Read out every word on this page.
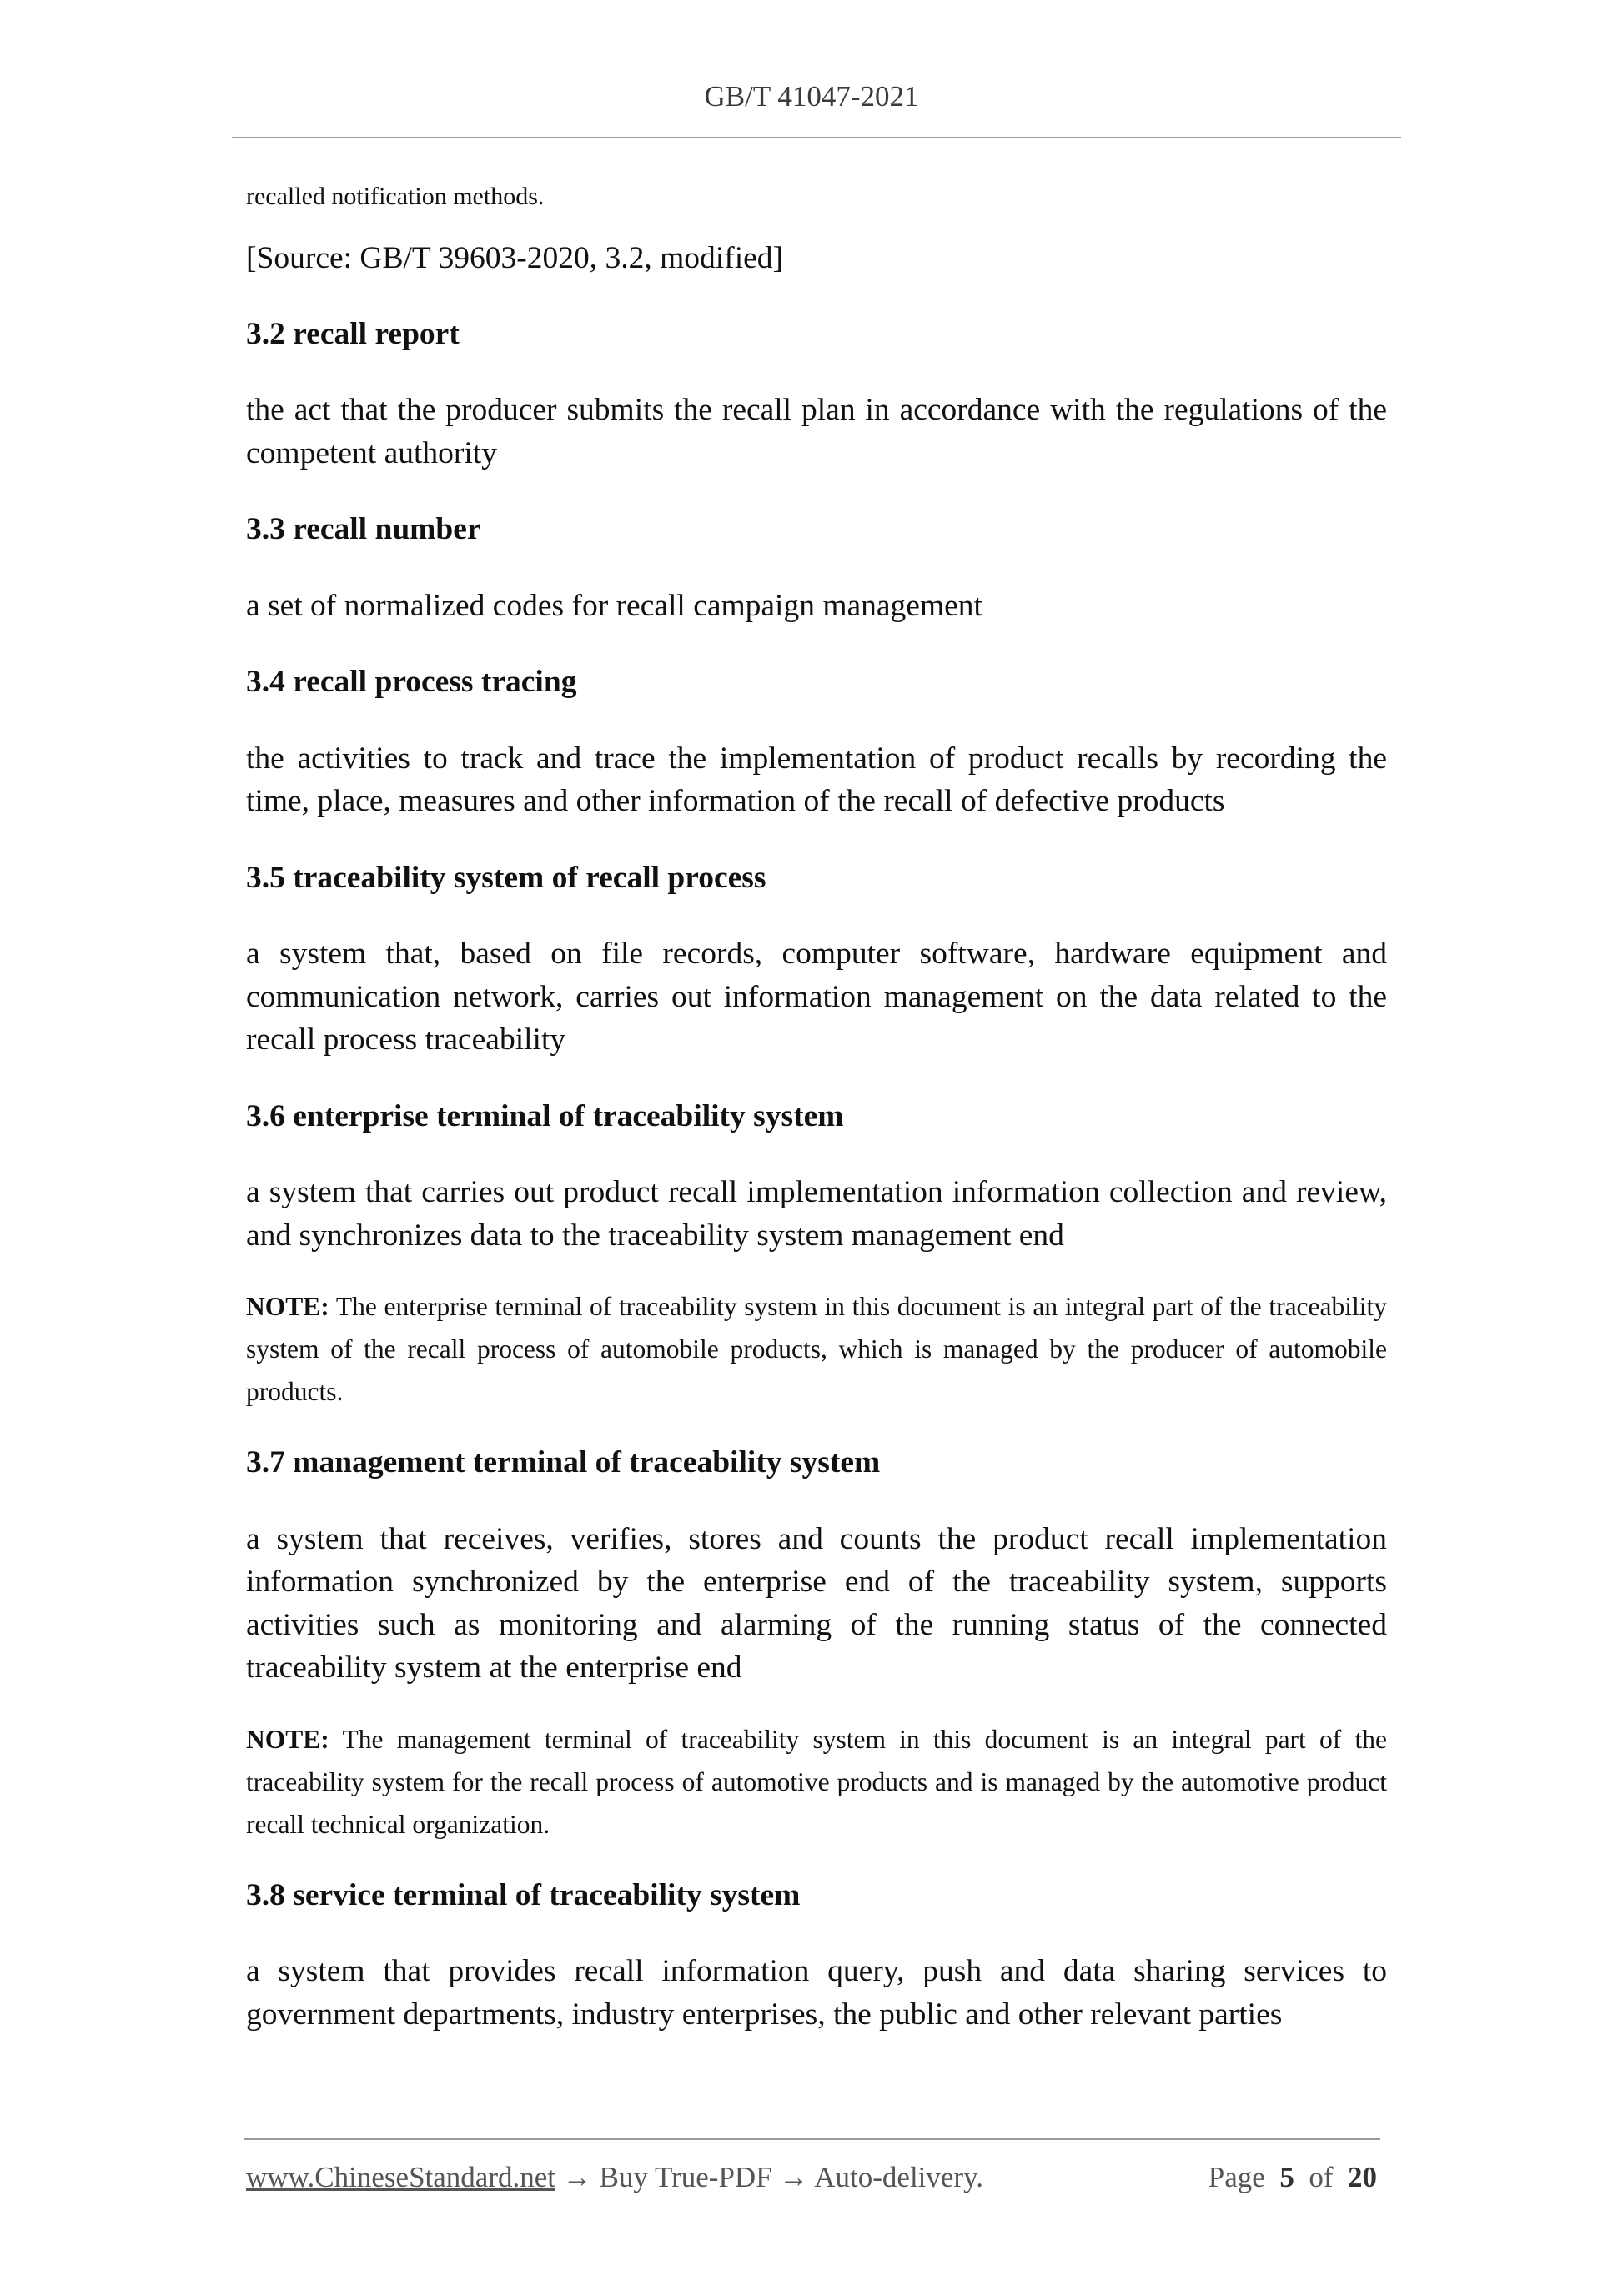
GB/T 41047-2021

recalled notification methods.

[Source: GB/T 39603-2020, 3.2, modified]

3.2 recall report

the act that the producer submits the recall plan in accordance with the regulations of the competent authority

3.3 recall number

a set of normalized codes for recall campaign management

3.4 recall process tracing

the activities to track and trace the implementation of product recalls by recording the time, place, measures and other information of the recall of defective products

3.5 traceability system of recall process

a system that, based on file records, computer software, hardware equipment and communication network, carries out information management on the data related to the recall process traceability

3.6 enterprise terminal of traceability system

a system that carries out product recall implementation information collection and review, and synchronizes data to the traceability system management end

NOTE: The enterprise terminal of traceability system in this document is an integral part of the traceability system of the recall process of automobile products, which is managed by the producer of automobile products.

3.7 management terminal of traceability system

a system that receives, verifies, stores and counts the product recall implementation information synchronized by the enterprise end of the traceability system, supports activities such as monitoring and alarming of the running status of the connected traceability system at the enterprise end

NOTE: The management terminal of traceability system in this document is an integral part of the traceability system for the recall process of automotive products and is managed by the automotive product recall technical organization.

3.8 service terminal of traceability system

a system that provides recall information query, push and data sharing services to government departments, industry enterprises, the public and other relevant parties

www.ChineseStandard.net → Buy True-PDF → Auto-delivery.	Page 5 of 20
